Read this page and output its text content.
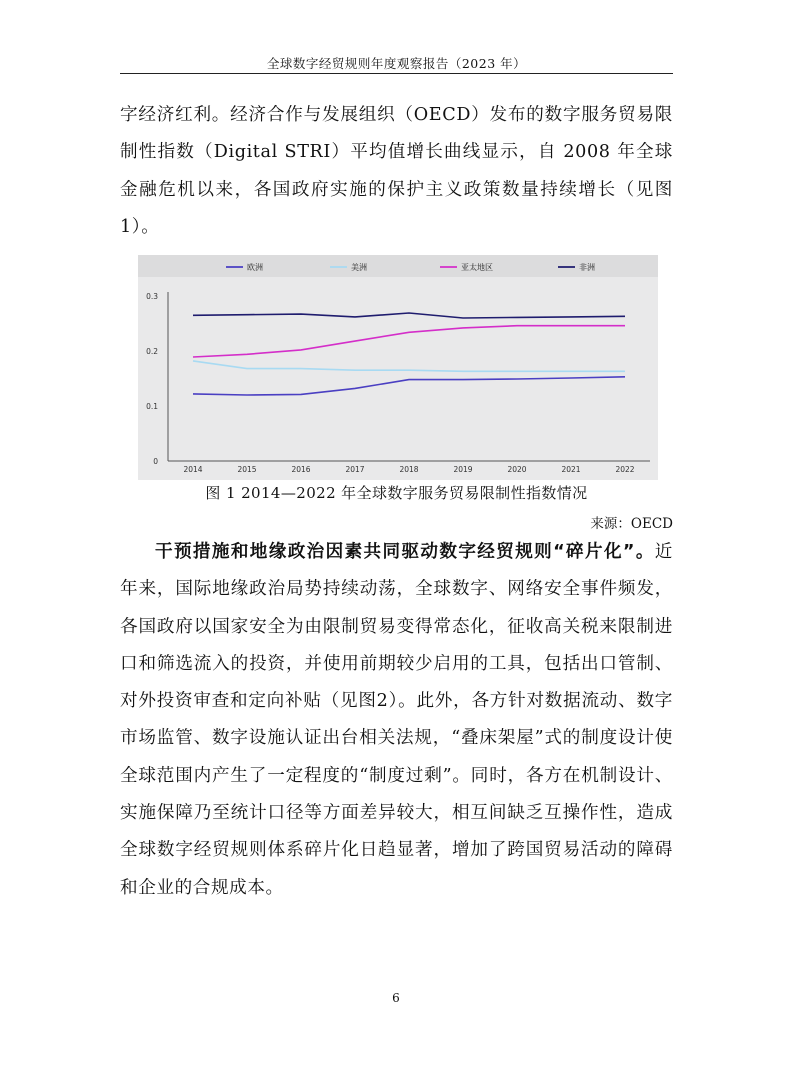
全球数字经贸规则年度观察报告（2023 年）

字经济红利。经济合作与发展组织（OECD）发布的数字服务贸易限制性指数（Digital STRI）平均值增长曲线显示，自 2008 年全球金融危机以来，各国政府实施的保护主义政策数量持续增长（见图 1）。

欧洲	美洲	亚太地区	非洲
0
0.1
0.2
0.3
2014	2015	2016	2017	2018	2019	2020	2021	2022
图 1 2014—2022 年全球数字服务贸易限制性指数情况
来源：OECD

干预措施和地缘政治因素共同驱动数字经贸规则“碎片化”。近年来，国际地缘政治局势持续动荡，全球数字、网络安全事件频发，各国政府以国家安全为由限制贸易变得常态化，征收高关税来限制进口和筛选流入的投资，并使用前期较少启用的工具，包括出口管制、对外投资审查和定向补贴（见图2）。此外，各方针对数据流动、数字市场监管、数字设施认证出台相关法规，“叠床架屋”式的制度设计使全球范围内产生了一定程度的“制度过剩”。同时，各方在机制设计、实施保障乃至统计口径等方面差异较大，相互间缺乏互操作性，造成全球数字经贸规则体系碎片化日趋显著，增加了跨国贸易活动的障碍和企业的合规成本。

6
